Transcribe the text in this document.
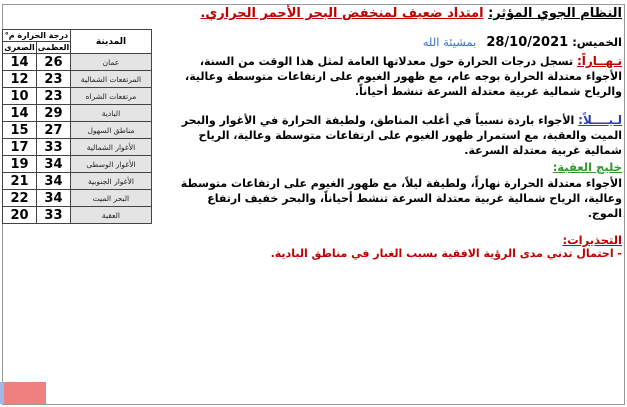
المدينة	درجة الحرارة م°	
	العظمى	الصغرى
عمان	26	14
المرتفعات الشمالية	23	12
مرتفعات الشراه	23	10
البادية	29	14
مناطق السهول	27	15
الأغوار الشمالية	33	17
الأغوار الوسطى	34	19
الأغوار الجنوبية	34	21
البحر الميت	34	22
العقبة	33	20
النظام الجوي المؤثر: امتداد ضعيف لمنخفض البحر الأحمر الحراري.
الخميس: 28/10/2021 بمشيئة الله
نـهــاراً: تسجل درجات الحرارة حول معدلاتها العامة لمثل هذا الوقت من السنة، الأجواء معتدلة الحرارة بوجه عام، مع ظهور الغيوم على ارتفاعات متوسطة وعالية، والرياح شمالية غربية معتدلة السرعة تنشط أحياناً.
لـيــــلاً: الأجواء باردة نسبياً في أغلب المناطق، ولطيفة الحرارة في الأغوار والبحر الميت والعقبة، مع استمرار ظهور الغيوم على ارتفاعات متوسطة وعالية، الرياح شمالية غربية معتدلة السرعة.
خليج العقبة:
الأجواء معتدلة الحرارة نهاراً، ولطيفة ليلاً، مع ظهور الغيوم على ارتفاعات متوسطة وعالية، الرياح شمالية غربية معتدلة السرعة تنشط أحياناً، والبحر خفيف ارتفاع الموج.
التحذيرات:
- احتمال تدني مدى الرؤية الافقية بسبب الغبار في مناطق البادية.
